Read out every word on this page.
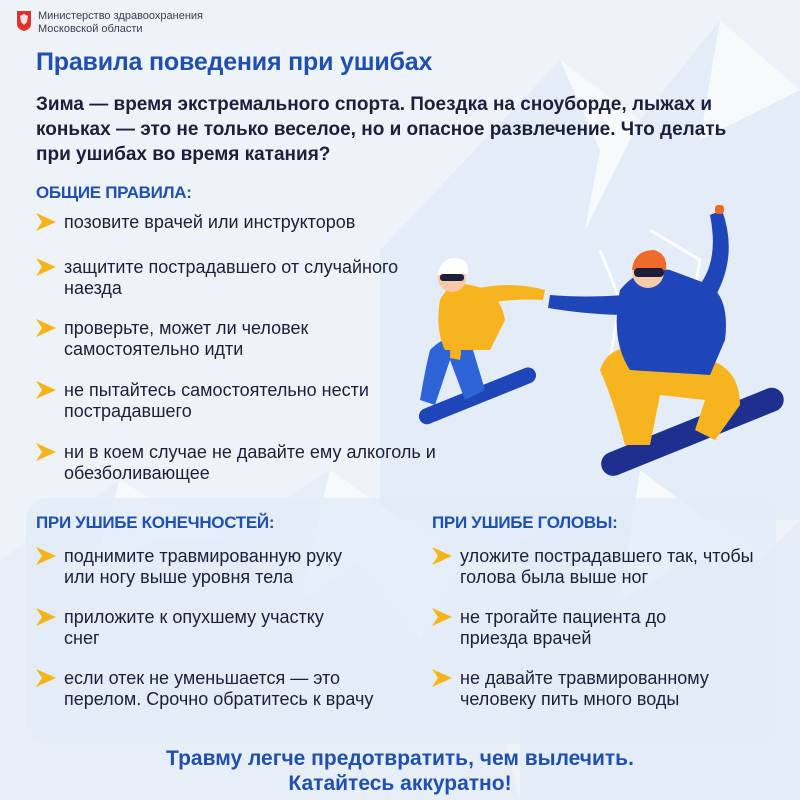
Министерство здравоохранения
Московской области
Правила поведения при ушибах

Зима — время экстремального спорта. Поездка на сноуборде, лыжах и коньках — это не только веселое, но и опасное развлечение. Что делать при ушибах во время катания?

ОБЩИЕ ПРАВИЛА:
позовите врачей или инструкторов
защитите пострадавшего от случайного наезда
проверьте, может ли человек самостоятельно идти
не пытайтесь самостоятельно нести пострадавшего
ни в коем случае не давайте ему алкоголь и обезболивающее
ПРИ УШИБЕ КОНЕЧНОСТЕЙ:
поднимите травмированную руку или ногу выше уровня тела
приложите к опухшему участку снег
если отек не уменьшается — это перелом. Срочно обратитесь к врачу
ПРИ УШИБЕ ГОЛОВЫ:
уложите пострадавшего так, чтобы голова была выше ног
не трогайте пациента до приезда врачей
не давайте травмированному человеку пить много воды
Травму легче предотвратить, чем вылечить.
Катайтесь аккуратно!
